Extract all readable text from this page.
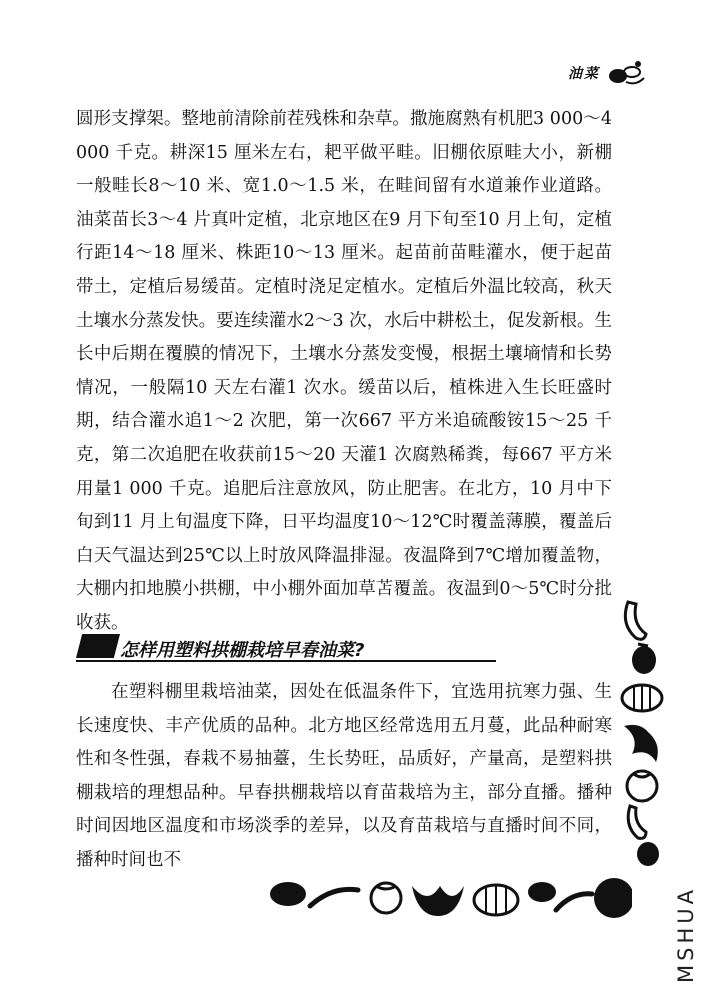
油菜

圆形支撑架。整地前清除前茬残株和杂草。撒施腐熟有机肥3 000～4 000 千克。耕深15 厘米左右，耙平做平畦。旧棚依原畦大小，新棚一般畦长8～10 米、宽1.0～1.5 米，在畦间留有水道兼作业道路。油菜苗长3～4 片真叶定植，北京地区在9 月下旬至10 月上旬，定植行距14～18 厘米、株距10～13 厘米。起苗前苗畦灌水，便于起苗带土，定植后易缓苗。定植时浇足定植水。定植后外温比较高，秋天土壤水分蒸发快。要连续灌水2～3 次，水后中耕松土，促发新根。生长中后期在覆膜的情况下，土壤水分蒸发变慢，根据土壤墒情和长势情况，一般隔10 天左右灌1 次水。缓苗以后，植株进入生长旺盛时期，结合灌水追1～2 次肥，第一次667 平方米追硫酸铵15～25 千克，第二次追肥在收获前15～20 天灌1 次腐熟稀粪，每667 平方米用量1 000 千克。追肥后注意放风，防止肥害。在北方，10 月中下旬到11 月上旬温度下降，日平均温度10～12℃时覆盖薄膜，覆盖后白天气温达到25℃以上时放风降温排湿。夜温降到7℃增加覆盖物，大棚内扣地膜小拱棚，中小棚外面加草苫覆盖。夜温到0～5℃时分批收获。

怎样用塑料拱棚栽培早春油菜?

在塑料棚里栽培油菜，因处在低温条件下，宜选用抗寒力强、生长速度快、丰产优质的品种。北方地区经常选用五月蔓，此品种耐寒性和冬性强，春栽不易抽薹，生长势旺，品质好，产量高，是塑料拱棚栽培的理想品种。早春拱棚栽培以育苗栽培为主，部分直播。播种时间因地区温度和市场淡季的差异，以及育苗栽培与直播时间不同，播种时间也不

MSHUA
